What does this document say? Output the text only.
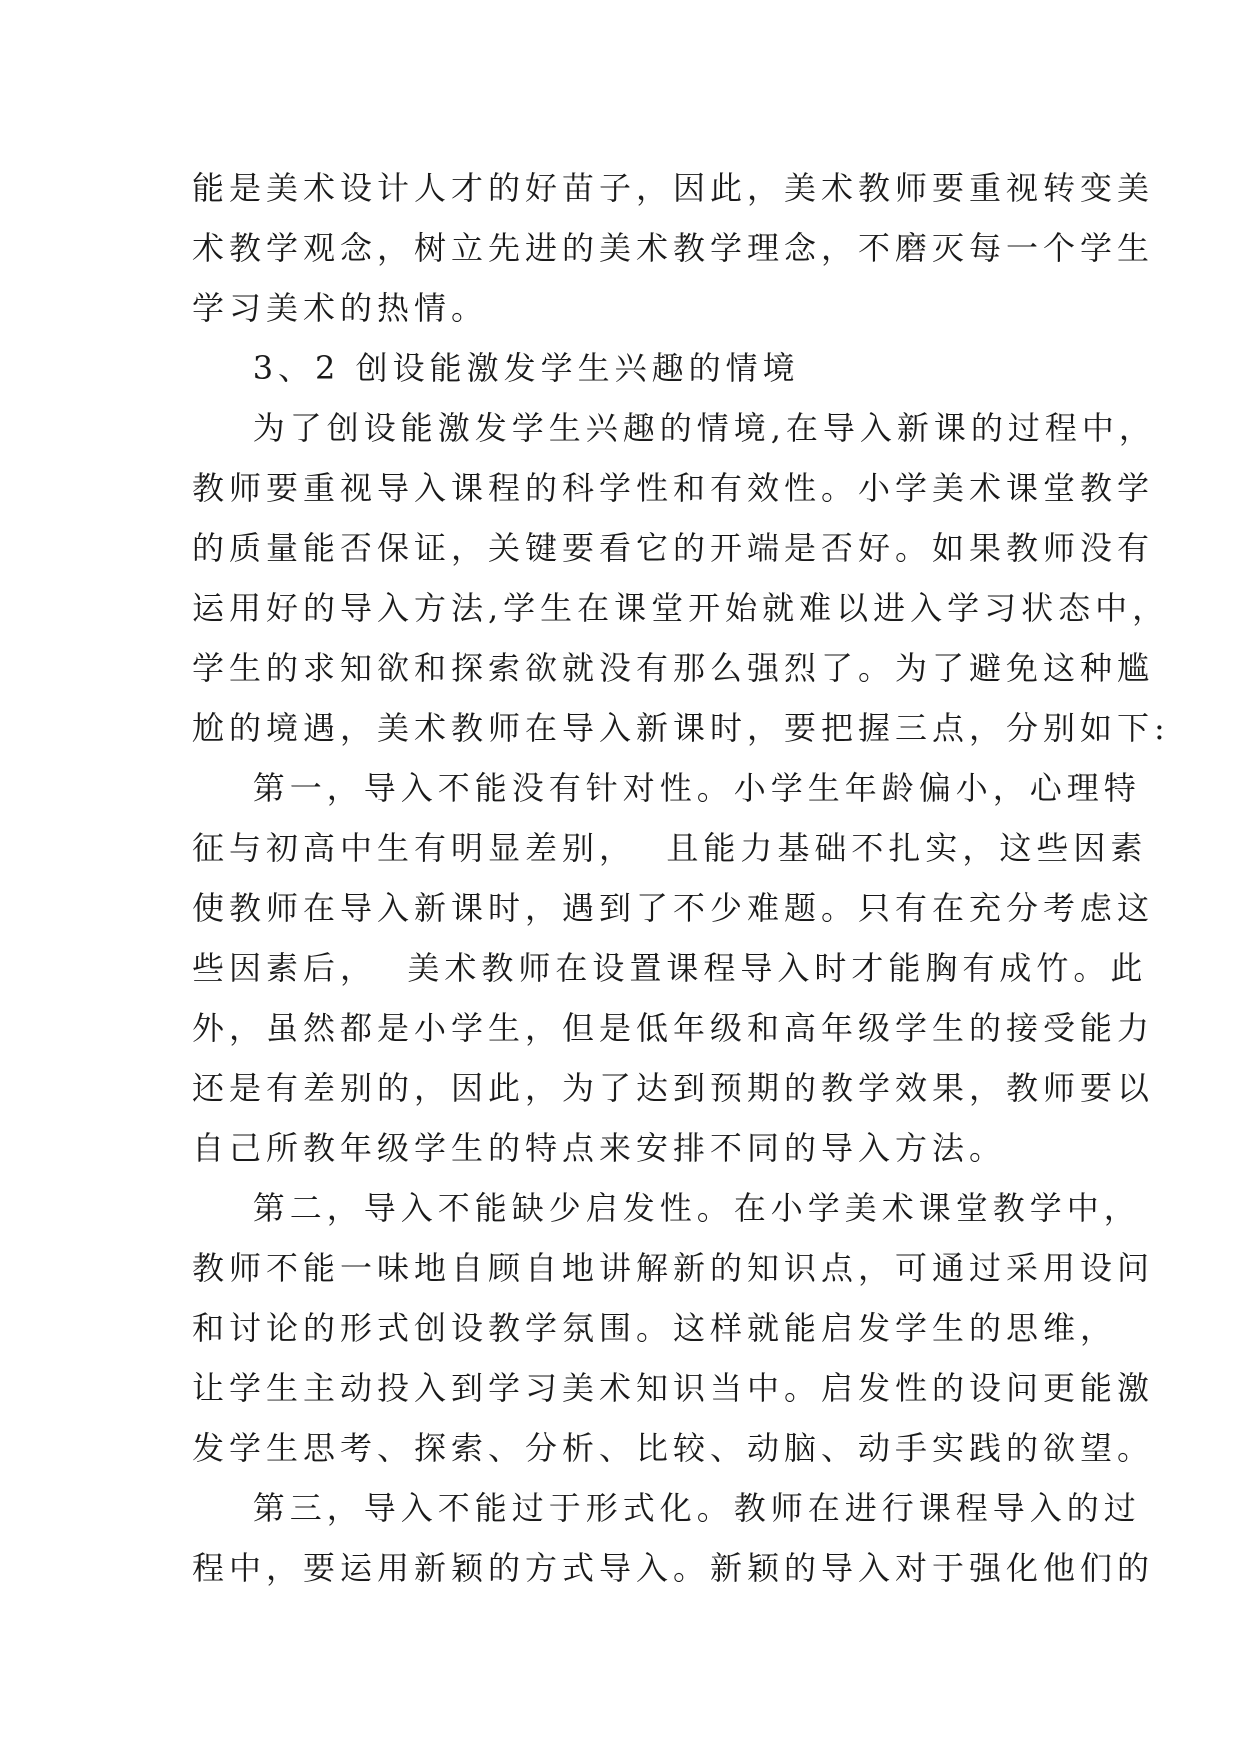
能是美术设计人才的好苗子，因此，美术教师要重视转变美
术教学观念，树立先进的美术教学理念，不磨灭每一个学生
学习美术的热情。
3、2 创设能激发学生兴趣的情境
为了创设能激发学生兴趣的情境,在导入新课的过程中，
教师要重视导入课程的科学性和有效性。小学美术课堂教学
的质量能否保证，关键要看它的开端是否好。如果教师没有
运用好的导入方法,学生在课堂开始就难以进入学习状态中，
学生的求知欲和探索欲就没有那么强烈了。为了避免这种尴
尬的境遇，美术教师在导入新课时，要把握三点，分别如下:
第一，导入不能没有针对性。小学生年龄偏小，心理特
征与初高中生有明显差别，  且能力基础不扎实，这些因素
使教师在导入新课时，遇到了不少难题。只有在充分考虑这
些因素后，  美术教师在设置课程导入时才能胸有成竹。此
外，虽然都是小学生，但是低年级和高年级学生的接受能力
还是有差别的，因此，为了达到预期的教学效果，教师要以
自己所教年级学生的特点来安排不同的导入方法。
第二，导入不能缺少启发性。在小学美术课堂教学中，
教师不能一味地自顾自地讲解新的知识点，可通过采用设问
和讨论的形式创设教学氛围。这样就能启发学生的思维，
让学生主动投入到学习美术知识当中。启发性的设问更能激
发学生思考、探索、分析、比较、动脑、动手实践的欲望。
第三，导入不能过于形式化。教师在进行课程导入的过
程中，要运用新颖的方式导入。新颖的导入对于强化他们的
